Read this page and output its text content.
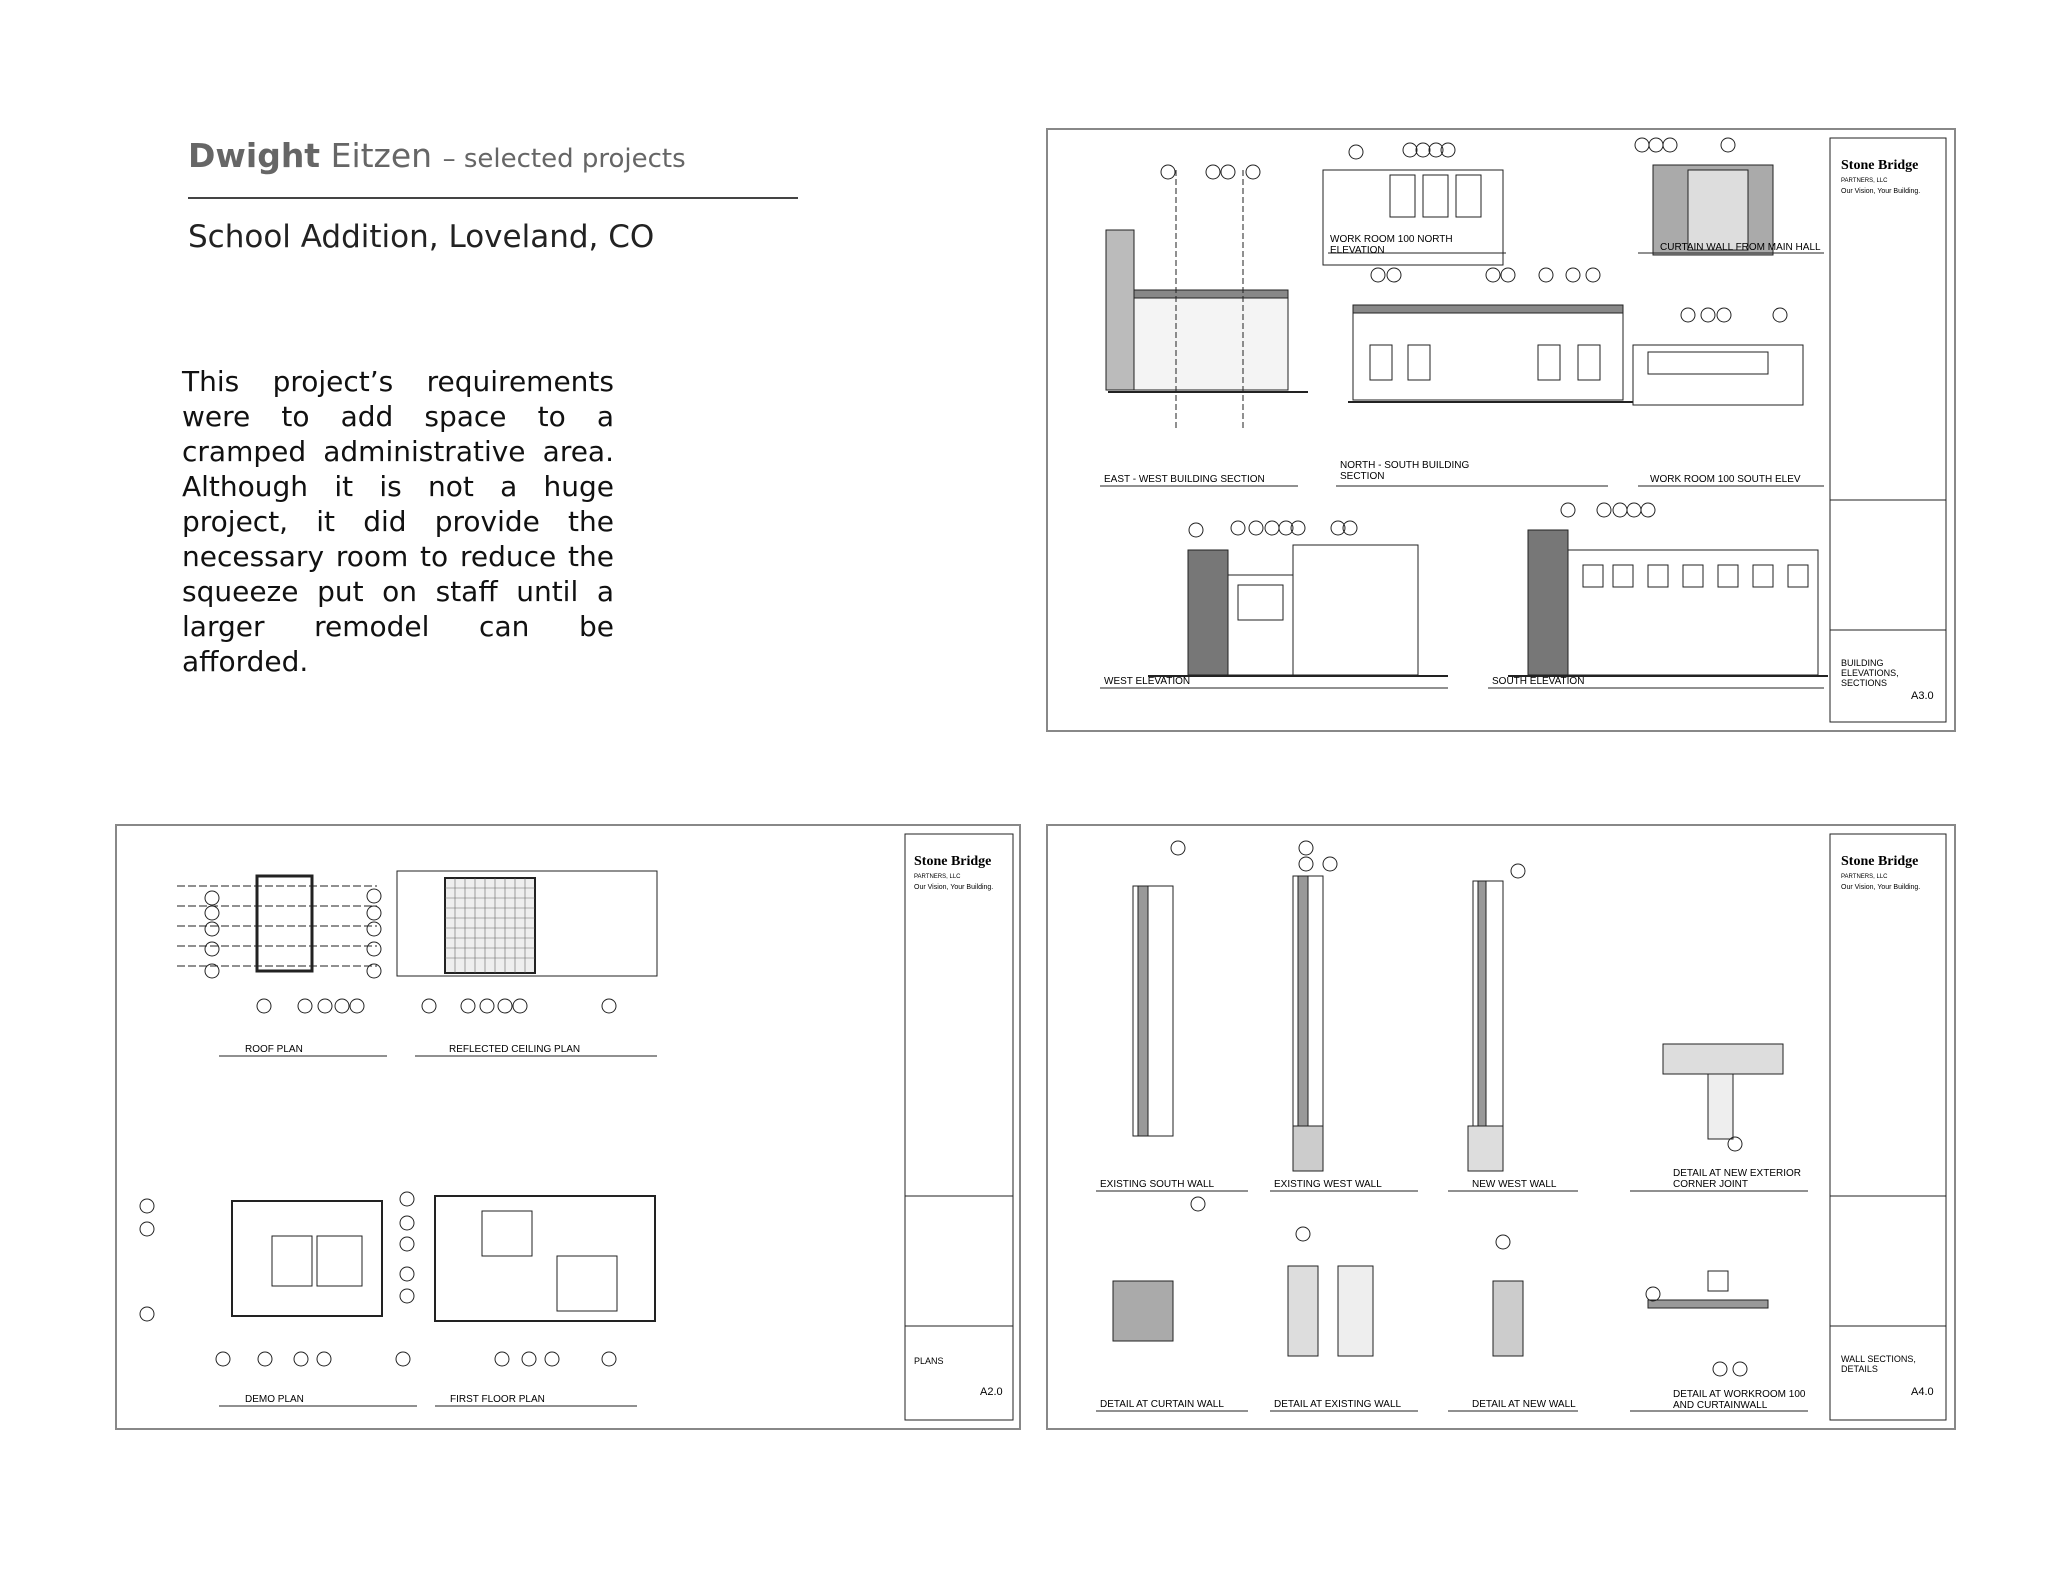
Dwight Eitzen – selected projects

School Addition, Loveland, CO

This project’s requirements were to add space to a cramped administrative area. Although it is not a huge project, it did provide the necessary room to reduce the squeeze put on staff until a larger remodel can be afforded.

Stone Bridge
PARTNERS, LLC
Our Vision, Your Building.
BUILDING ELEVATIONS, SECTIONS
A3.0
WORK ROOM 100 NORTH ELEVATION	CURTAIN WALL FROM MAIN HALL
EAST - WEST BUILDING SECTION
NORTH - SOUTH BUILDING SECTION	WORK ROOM 100 SOUTH ELEV
WEST ELEVATION	SOUTH ELEVATION
Stone Bridge
PARTNERS, LLC
Our Vision, Your Building.
PLANS
A2.0
ROOF PLAN	REFLECTED CEILING PLAN
DEMO PLAN	FIRST FLOOR PLAN
Stone Bridge
PARTNERS, LLC
Our Vision, Your Building.
WALL SECTIONS, DETAILS
A4.0
EXISTING SOUTH WALL	EXISTING WEST WALL	NEW WEST WALL
DETAIL AT NEW EXTERIOR CORNER JOINT
DETAIL AT CURTAIN WALL	DETAIL AT EXISTING WALL	DETAIL AT NEW WALL
DETAIL AT WORKROOM 100 AND CURTAINWALL
